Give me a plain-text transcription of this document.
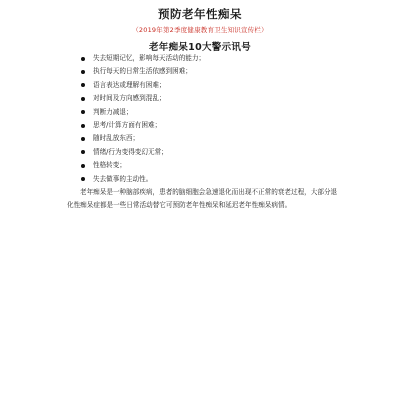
预防老年性痴呆
（2019年第2季度健康教育卫生知识宣传栏）
老年痴呆10大警示讯号
失去短期记忆，影响每天活动的能力；
执行每天的日常生活依感到困难；
语言表达或理解有困难；
对时间及方向感到混乱；
判断力减退；
思考/计算方面有困难；
随时乱放东西；
情绪/行为变得变幻无常；
性格转变；
失去做事的主动性。

老年痴呆是一种脑部疾病，患者的脑细胞会急速退化而出现不正常的衰老过程，大部分退化性痴呆症都是一些日常活动替它可预防老年性痴呆和延迟老年性痴呆病情。
